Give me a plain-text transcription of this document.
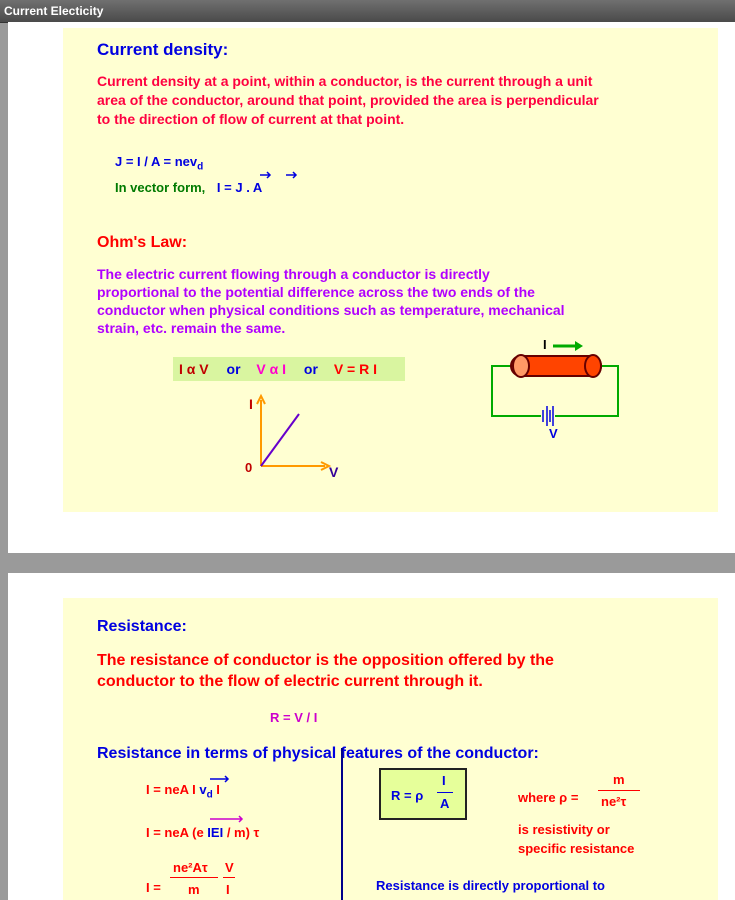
Current Electicity
Current density:
Current density at a point, within a conductor, is the current through a unit
area of the conductor, around that point, provided the area is perpendicular
to the direction of flow of current at that point.
J = I / A = nev$_d$
In vector form, I = J . A
Ohm's Law:
The electric current flowing through a conductor is directly
proportional to the potential difference across the two ends of the
conductor when physical conditions such as temperature, mechanical
strain, etc. remain the same.
I α V or V α I or V = R I
I
0	V
I
V
Resistance:
The resistance of conductor is the opposition offered by the
conductor to the flow of electric current through it.
R = V / I
Resistance in terms of physical features of the conductor:
I = neA I $v_d$ I
I = neA (e IEI / m) τ
I =
ne²Aτ
m
V
I
R = ρ
I
A	where ρ =
m
ne²τ
is resistivity or
specific resistance
Resistance is directly proportional to
